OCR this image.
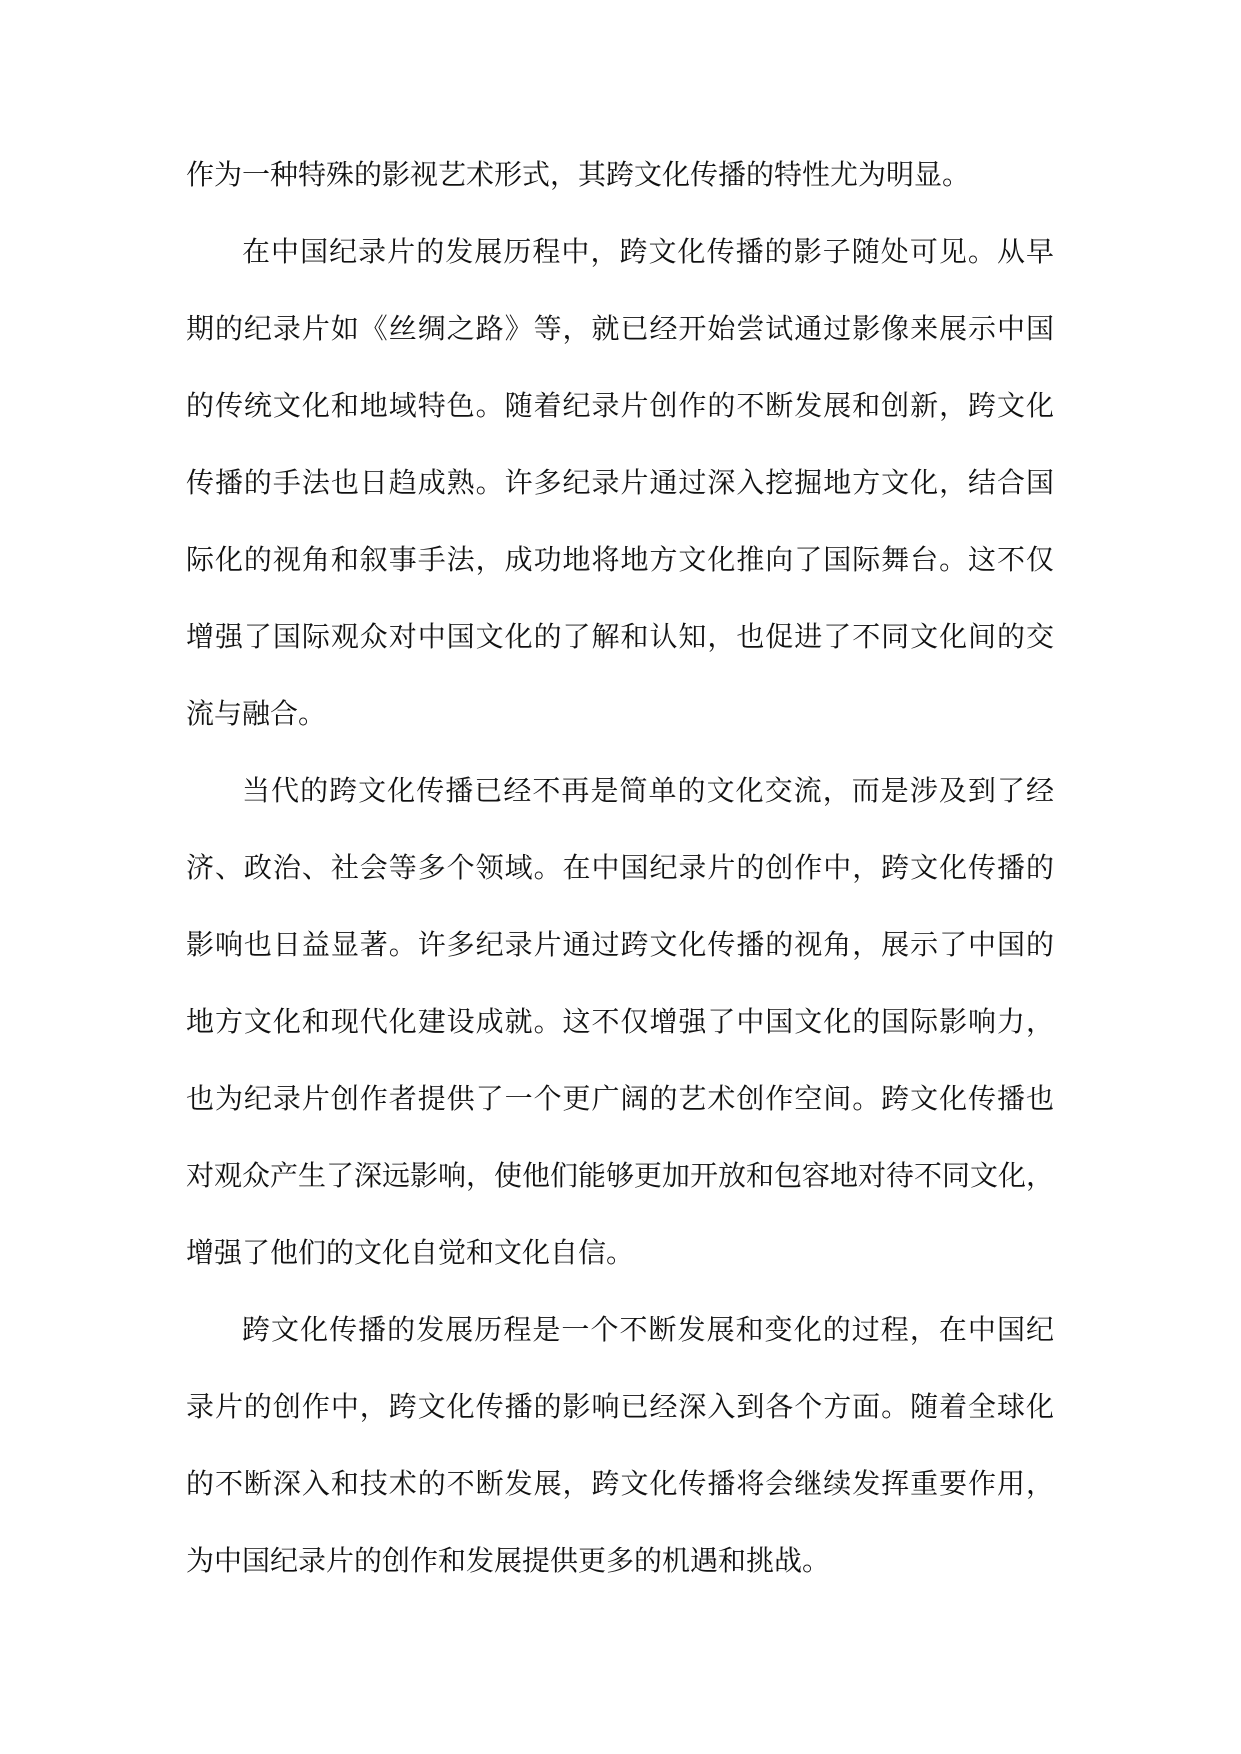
作为一种特殊的影视艺术形式，其跨文化传播的特性尤为明显。
在中国纪录片的发展历程中，跨文化传播的影子随处可见。从早
期的纪录片如《丝绸之路》等，就已经开始尝试通过影像来展示中国
的传统文化和地域特色。随着纪录片创作的不断发展和创新，跨文化
传播的手法也日趋成熟。许多纪录片通过深入挖掘地方文化，结合国
际化的视角和叙事手法，成功地将地方文化推向了国际舞台。这不仅
增强了国际观众对中国文化的了解和认知，也促进了不同文化间的交
流与融合。
当代的跨文化传播已经不再是简单的文化交流，而是涉及到了经
济、政治、社会等多个领域。在中国纪录片的创作中，跨文化传播的
影响也日益显著。许多纪录片通过跨文化传播的视角，展示了中国的
地方文化和现代化建设成就。这不仅增强了中国文化的国际影响力，
也为纪录片创作者提供了一个更广阔的艺术创作空间。跨文化传播也
对观众产生了深远影响，使他们能够更加开放和包容地对待不同文化，
增强了他们的文化自觉和文化自信。
跨文化传播的发展历程是一个不断发展和变化的过程，在中国纪
录片的创作中，跨文化传播的影响已经深入到各个方面。随着全球化
的不断深入和技术的不断发展，跨文化传播将会继续发挥重要作用，
为中国纪录片的创作和发展提供更多的机遇和挑战。
